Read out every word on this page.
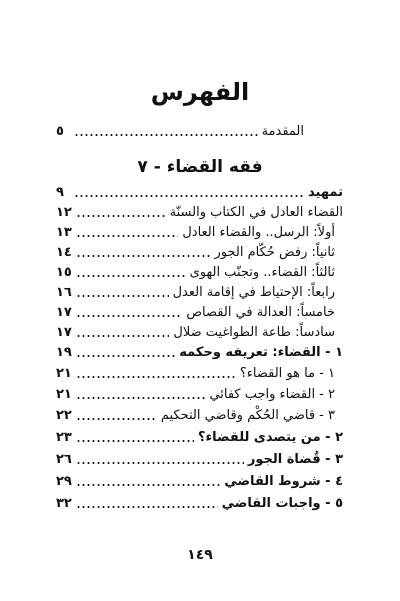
الفهرس
المقدمة
٥
فقه القضاء - ٧
تمهيد
٩
القضاء العادل في الكتاب والسنّة
١٢
أولاً: الرسل.. والقضاء العادل
١٣
ثانياً: رفض حُكّام الجور
١٤
ثالثاً: القضاء.. وتجنّب الهوى
١٥
رابعاً: الإحتياط في إقامة العدل
١٦
خامساً: العدالة في القصاص
١٧
سادساً: طاعة الطواغيت ضلال
١٧
١ - القضاء: تعريفه وحكمه
١٩
١ - ما هو القضاء؟
٢١
٢ - القضاء واجب كفائي
٢١
٣ - قاضي الحُكْم وقاضي التحكيم
٢٢
٢ - من يتصدى للقضاء؟
٢٣
٣ - قُضاة الجور
٢٦
٤ - شروط القاضي
٢٩
٥ - واجبات القاضي
٣٢
١٤٩
